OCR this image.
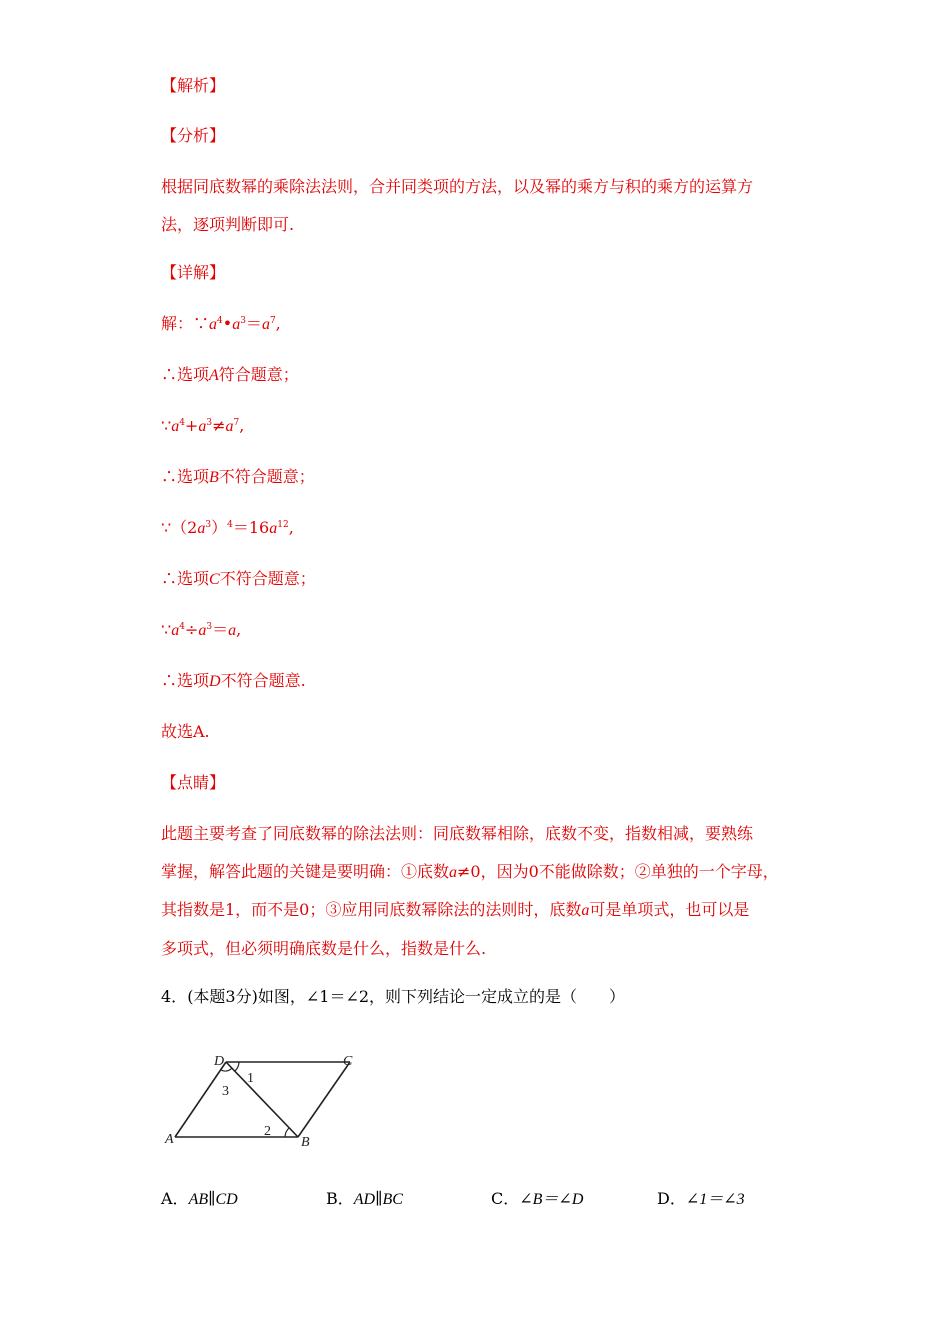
【解析】
【分析】
根据同底数幂的乘除法法则，合并同类项的方法，以及幂的乘方与积的乘方的运算方
法，逐项判断即可.
【详解】
解：$\because a^4•a^3=a^7$,
∴选项A符合题意；
$\because a^4+a^3\ne a^7$,
∴选项B不符合题意；
$\because(2a^3)^4=16a^{12}$,
∴选项C不符合题意；
$\because a^4\div a^3=a$,
∴选项D不符合题意.
故选A.
【点睛】
此题主要考查了同底数幂的除法法则：同底数幂相除，底数不变，指数相减，要熟练
掌握，解答此题的关键是要明确：①底数a≠0，因为0不能做除数；②单独的一个字母，
其指数是1，而不是0；③应用同底数幂除法的法则时，底数a可是单项式，也可以是
多项式，但必须明确底数是什么，指数是什么.
4．(本题3分)如图，∠1＝∠2，则下列结论一定成立的是（　　）
D	C
A	B
1
3
2
A．AB∥CD	B．AD∥BC	C．∠B＝∠D	D．∠1＝∠3
